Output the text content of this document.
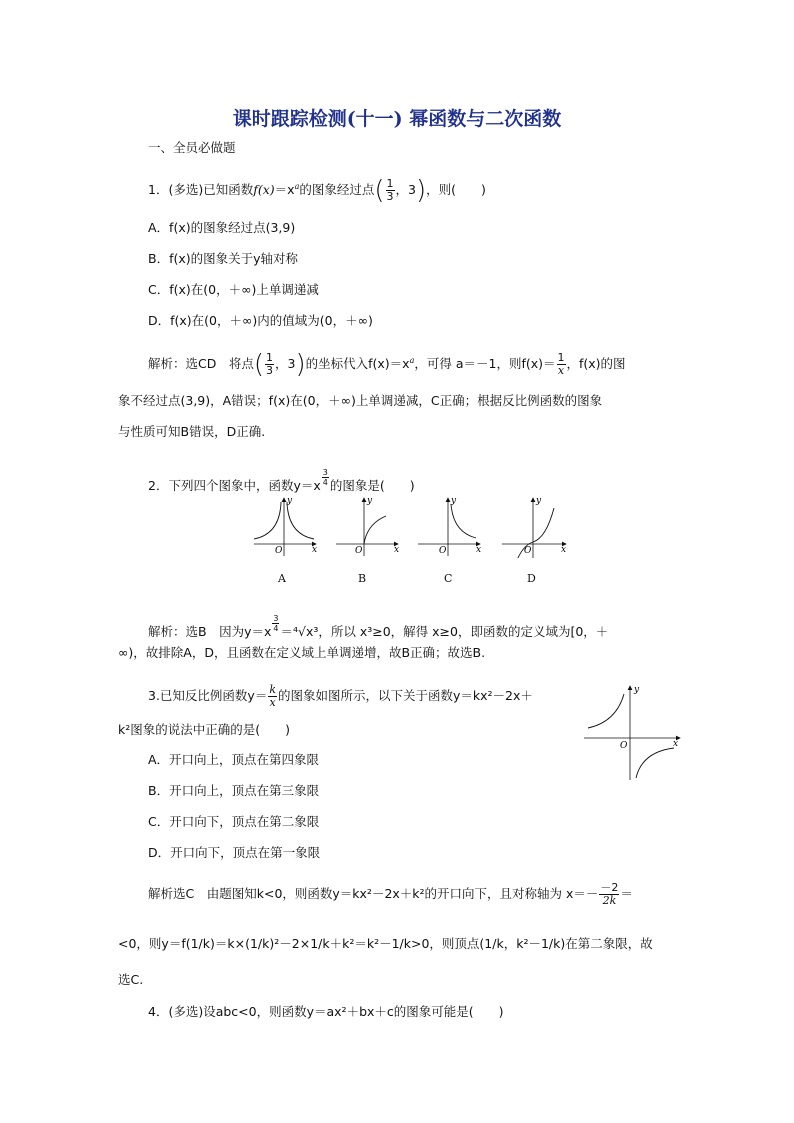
课时跟踪检测(十一) 幂函数与二次函数
一、全员必做题
1．(多选)已知函数$f(x)=x^a$的图象经过点( $\frac{1}{3}$ ，3)，则(　　)
A．f(x)的图象经过点(3,9)
B．f(x)的图象关于y轴对称
C．f(x)在(0，＋∞)上单调递减
D．f(x)在(0，＋∞)内的值域为(0，＋∞)
解析：选CD　将点( $\frac{1}{3}$ ，3)的坐标代入$f(x)=x^a$，可得 a＝－1，则$f(x)= \frac{1}{x}$ ，f(x)的图
象不经过点(3,9)，A错误；f(x)在(0，＋∞)上单调递减，C正确；根据反比例函数的图象
与性质可知B错误，D正确.
2．下列四个图象中，函数$y=x \frac{3}{4}$ 的图象是(　　)
y
x
O
y
x
O
y
x
O
y
x
O
A	B	C	D
解析：选B　因为$y=x \frac{3}{4} =^4√x^3$，所以 x³≥0，解得 x≥0，即函数的定义域为[0，＋
∞)，故排除A，D，且函数在定义域上单调递增，故B正确；故选B.
3.已知反比例函数$y= \frac{k}{x}$ 的图象如图所示，以下关于函数y＝kx²－2x＋
k²图象的说法中正确的是(　　)
y
x
O
A．开口向上，顶点在第四象限
B．开口向上，顶点在第三象限
C．开口向下，顶点在第二象限
D．开口向下，顶点在第一象限
解析选C　由题图知k<0，则函数y＝kx²－2x＋k²的开口向下，且对称轴为 $x=- \frac{-2}{2k}$ ＝
<0，则y＝f(1/k)＝k×(1/k)²－2×1/k＋k²＝k²－1/k>0，则顶点(1/k，k²－1/k)在第二象限，故
选C.
4．(多选)设abc<0，则函数y＝ax²＋bx＋c的图象可能是(　　)
